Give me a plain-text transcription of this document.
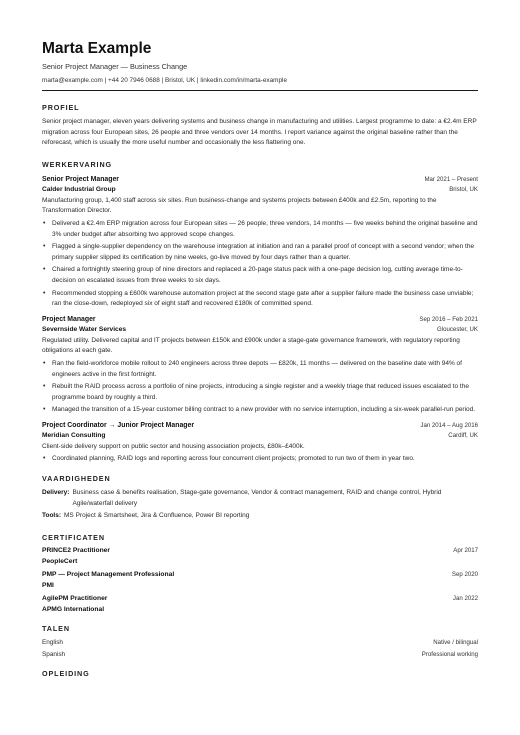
Marta Example
Senior Project Manager — Business Change
marta@example.com | +44 20 7946 0688 | Bristol, UK | linkedin.com/in/marta-example
PROFIEL
Senior project manager, eleven years delivering systems and business change in manufacturing and utilities. Largest programme to date: a €2.4m ERP migration across four European sites, 26 people and three vendors over 14 months. I report variance against the original baseline rather than the reforecast, which is usually the more useful number and occasionally the less flattering one.
WERKERVARING
Senior Project Manager	Mar 2021 – Present
Calder Industrial Group	Bristol, UK
Manufacturing group, 1,400 staff across six sites. Run business-change and systems projects between £400k and £2.5m, reporting to the Transformation Director.
• Delivered a €2.4m ERP migration across four European sites — 26 people, three vendors, 14 months — five weeks behind the original baseline and 3% under budget after absorbing two approved scope changes.
• Flagged a single-supplier dependency on the warehouse integration at initiation and ran a parallel proof of concept with a second vendor; when the primary supplier slipped its certification by nine weeks, go-live moved by four days rather than a quarter.
• Chaired a fortnightly steering group of nine directors and replaced a 20-page status pack with a one-page decision log, cutting average time-to-decision on escalated issues from three weeks to six days.
• Recommended stopping a £600k warehouse automation project at the second stage gate after a supplier failure made the business case unviable; ran the close-down, redeployed six of eight staff and recovered £180k of committed spend.
Project Manager	Sep 2016 – Feb 2021
Severnside Water Services	Gloucester, UK
Regulated utility. Delivered capital and IT projects between £150k and £900k under a stage-gate governance framework, with regulatory reporting obligations at each gate.
• Ran the field-workforce mobile rollout to 240 engineers across three depots — £820k, 11 months — delivered on the baseline date with 94% of engineers active in the first fortnight.
• Rebuilt the RAID process across a portfolio of nine projects, introducing a single register and a weekly triage that reduced issues escalated to the programme board by roughly a third.
• Managed the transition of a 15-year customer billing contract to a new provider with no service interruption, including a six-week parallel-run period.
Project Coordinator → Junior Project Manager	Jan 2014 – Aug 2016
Meridian Consulting	Cardiff, UK
Client-side delivery support on public sector and housing association projects, £80k–£400k.
• Coordinated planning, RAID logs and reporting across four concurrent client projects; promoted to run two of them in year two.
VAARDIGHEDEN
Delivery: Business case & benefits realisation, Stage-gate governance, Vendor & contract management, RAID and change control, Hybrid Agile/waterfall delivery
Tools: MS Project & Smartsheet, Jira & Confluence, Power BI reporting
CERTIFICATEN
PRINCE2 Practitioner	Apr 2017
PeopleCert
PMP — Project Management Professional	Sep 2020
PMI
AgilePM Practitioner	Jan 2022
APMG International
TALEN
English	Native / bilingual
Spanish	Professional working
OPLEIDING
